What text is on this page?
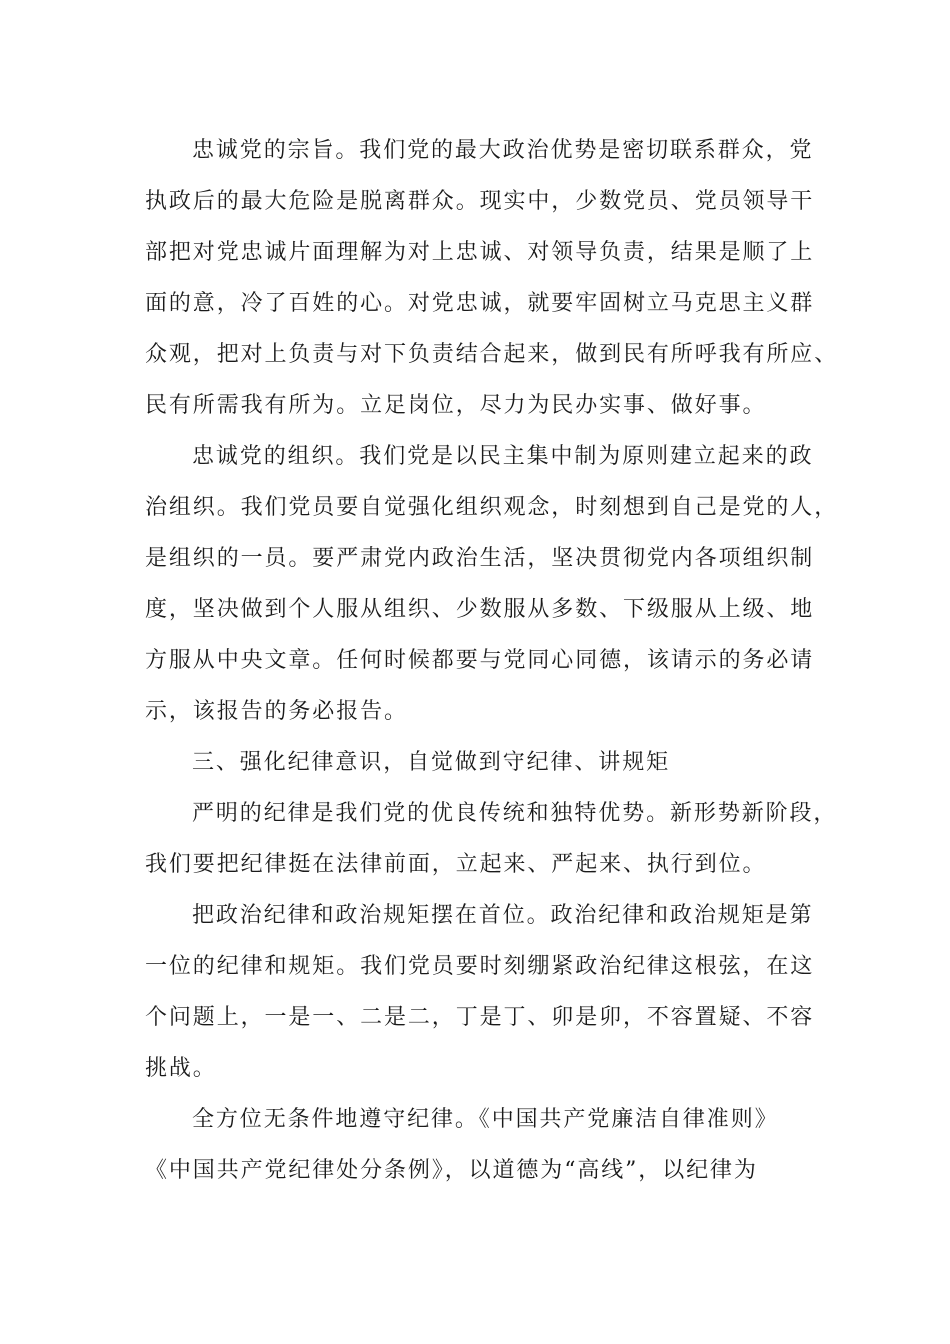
忠诚党的宗旨。我们党的最大政治优势是密切联系群众，党
执政后的最大危险是脱离群众。现实中，少数党员、党员领导干
部把对党忠诚片面理解为对上忠诚、对领导负责，结果是顺了上
面的意，冷了百姓的心。对党忠诚，就要牢固树立马克思主义群
众观，把对上负责与对下负责结合起来，做到民有所呼我有所应、
民有所需我有所为。立足岗位，尽力为民办实事、做好事。
忠诚党的组织。我们党是以民主集中制为原则建立起来的政
治组织。我们党员要自觉强化组织观念，时刻想到自己是党的人，
是组织的一员。要严肃党内政治生活，坚决贯彻党内各项组织制
度，坚决做到个人服从组织、少数服从多数、下级服从上级、地
方服从中央文章。任何时候都要与党同心同德，该请示的务必请
示，该报告的务必报告。
三、强化纪律意识，自觉做到守纪律、讲规矩
严明的纪律是我们党的优良传统和独特优势。新形势新阶段，
我们要把纪律挺在法律前面，立起来、严起来、执行到位。
把政治纪律和政治规矩摆在首位。政治纪律和政治规矩是第
一位的纪律和规矩。我们党员要时刻绷紧政治纪律这根弦，在这
个问题上，一是一、二是二，丁是丁、卯是卯，不容置疑、不容
挑战。
全方位无条件地遵守纪律。《中国共产党廉洁自律准则》
《中国共产党纪律处分条例》，以道德为“高线”，以纪律为
